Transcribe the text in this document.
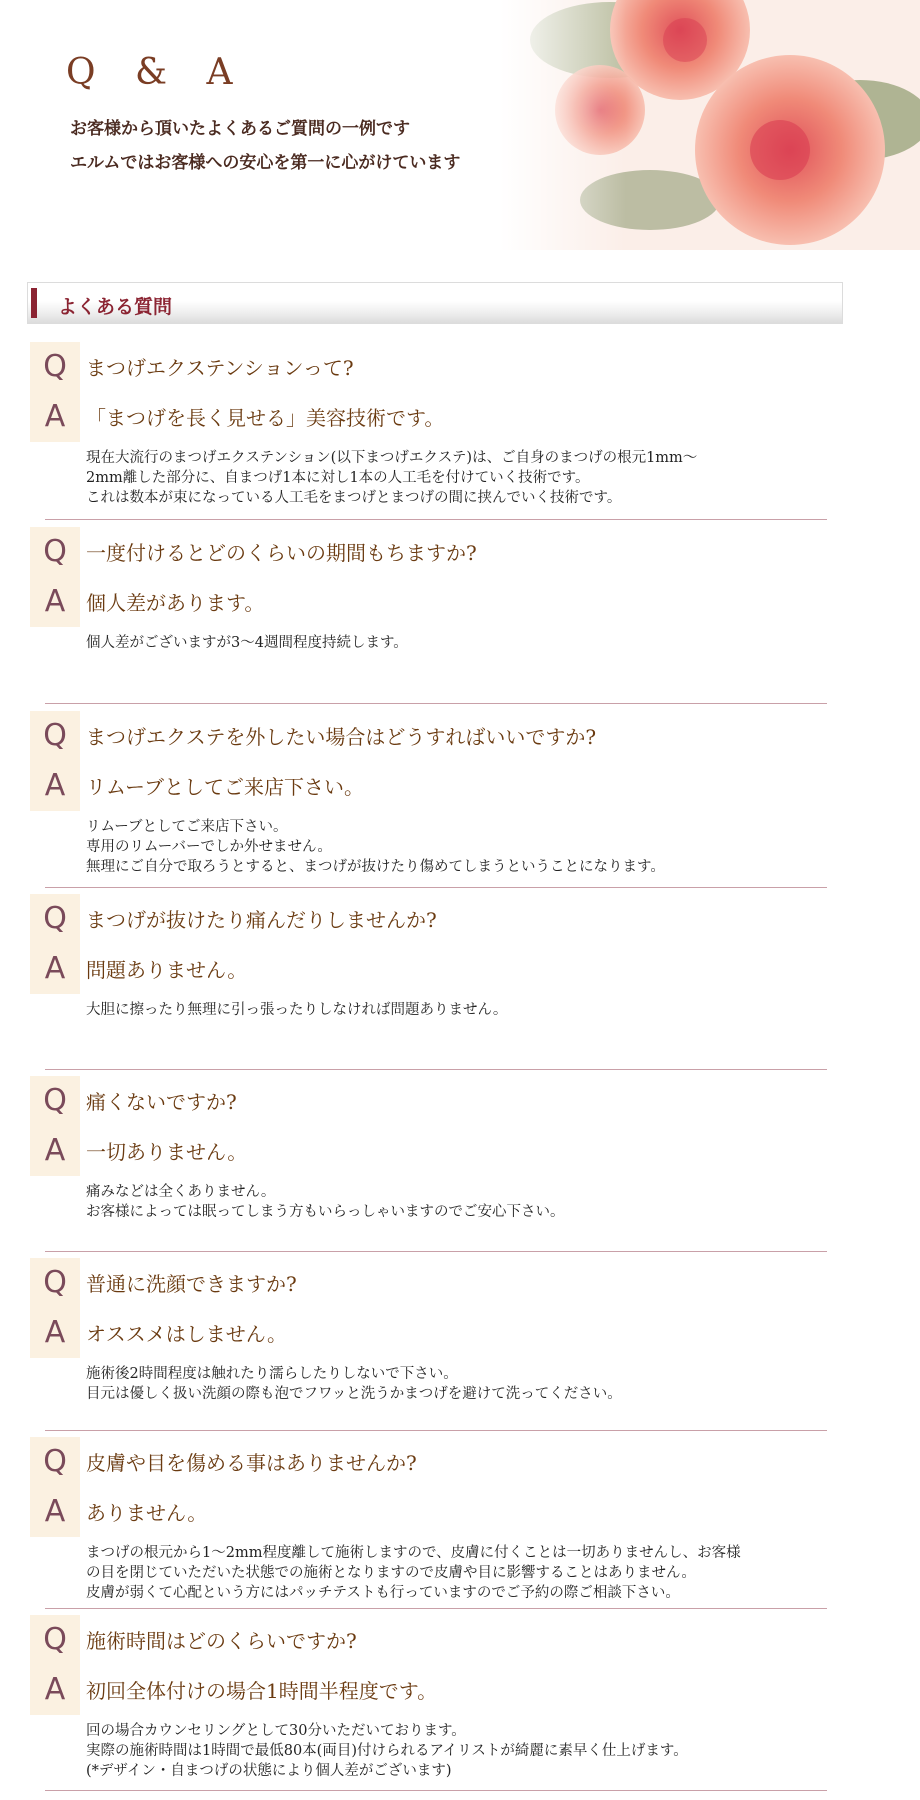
Q & A
お客様から頂いたよくあるご質問の一例です
エルムではお客様への安心を第一に心がけています
よくある質問
Q まつげエクステンションって?
A	「まつげを長く見せる」美容技術です。
現在大流行のまつげエクステンション(以下まつげエクステ)は、ご自身のまつげの根元1mm〜
2mm離した部分に、自まつげ1本に対し1本の人工毛を付けていく技術です。
これは数本が束になっている人工毛をまつげとまつげの間に挟んでいく技術です。
Q 一度付けるとどのくらいの期間もちますか?
A	個人差があります。
個人差がございますが3〜4週間程度持続します。
Q まつげエクステを外したい場合はどうすればいいですか?
A	リムーブとしてご来店下さい。
リムーブとしてご来店下さい。
専用のリムーバーでしか外せません。
無理にご自分で取ろうとすると、まつげが抜けたり傷めてしまうということになります。
Q まつげが抜けたり痛んだりしませんか?
A	問題ありません。
大胆に擦ったり無理に引っ張ったりしなければ問題ありません。
Q 痛くないですか?
A	一切ありません。
痛みなどは全くありません。
お客様によっては眠ってしまう方もいらっしゃいますのでご安心下さい。
Q 普通に洗顔できますか?
A	オススメはしません。
施術後2時間程度は触れたり濡らしたりしないで下さい。
目元は優しく扱い洗顔の際も泡でフワッと洗うかまつげを避けて洗ってください。
Q 皮膚や目を傷める事はありませんか?
A	ありません。
まつげの根元から1〜2mm程度離して施術しますので、皮膚に付くことは一切ありませんし、お客様
の目を閉じていただいた状態での施術となりますので皮膚や目に影響することはありません。
皮膚が弱くて心配という方にはパッチテストも行っていますのでご予約の際ご相談下さい。
Q 施術時間はどのくらいですか?
A	初回全体付けの場合1時間半程度です。
回の場合カウンセリングとして30分いただいております。
実際の施術時間は1時間で最低80本(両目)付けられるアイリストが綺麗に素早く仕上げます。
(*デザイン・自まつげの状態により個人差がございます)
